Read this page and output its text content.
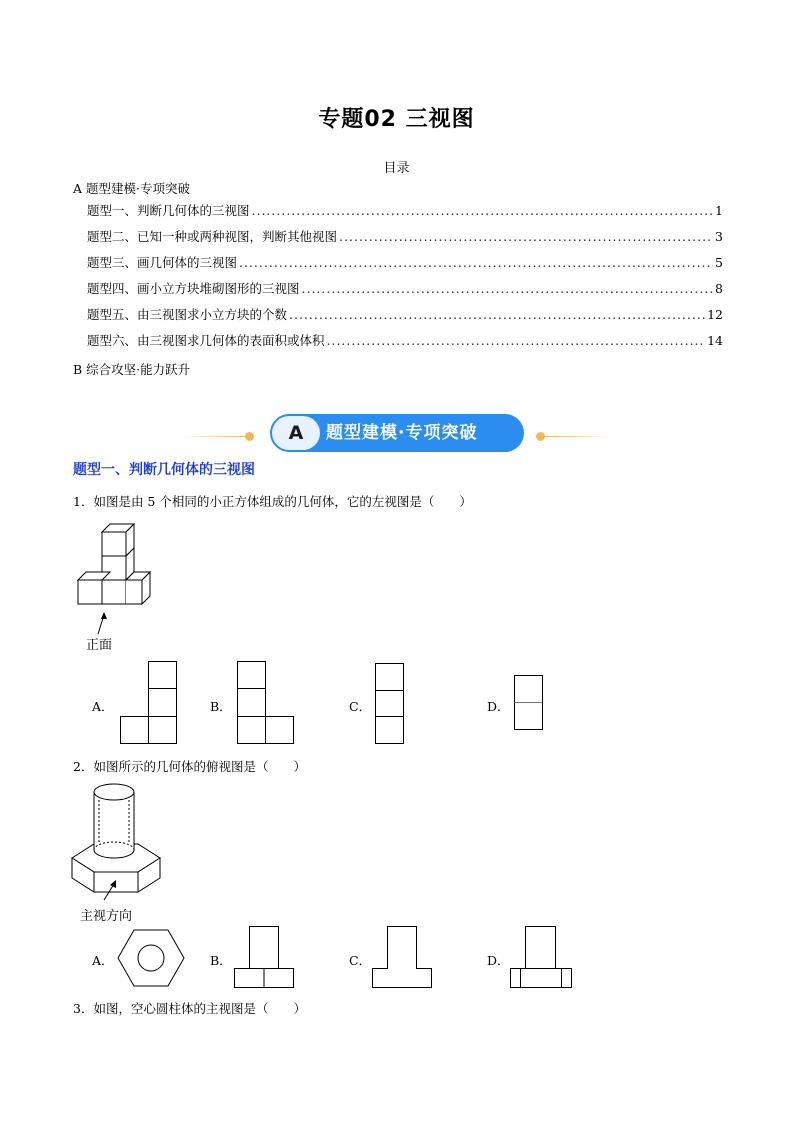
专题02 三视图
目录
A 题型建模·专项突破
题型一、判断几何体的三视图 .....	1
题型二、已知一种或两种视图，判断其他视图 .....	3
题型三、画几何体的三视图 .....	5
题型四、画小立方块堆砌图形的三视图 .....	8
题型五、由三视图求小立方块的个数 .....	12
题型六、由三视图求几何体的表面积或体积 .....	14
B 综合攻坚·能力跃升
A	题型建模·专项突破
题型一、判断几何体的三视图
1．如图是由 5 个相同的小正方体组成的几何体，它的左视图是（　　）
正面
A．	B．	C．	D．
2．如图所示的几何体的俯视图是（　　）
主视方向
A．	B．	C．	D．
3．如图，空心圆柱体的主视图是（　　）
